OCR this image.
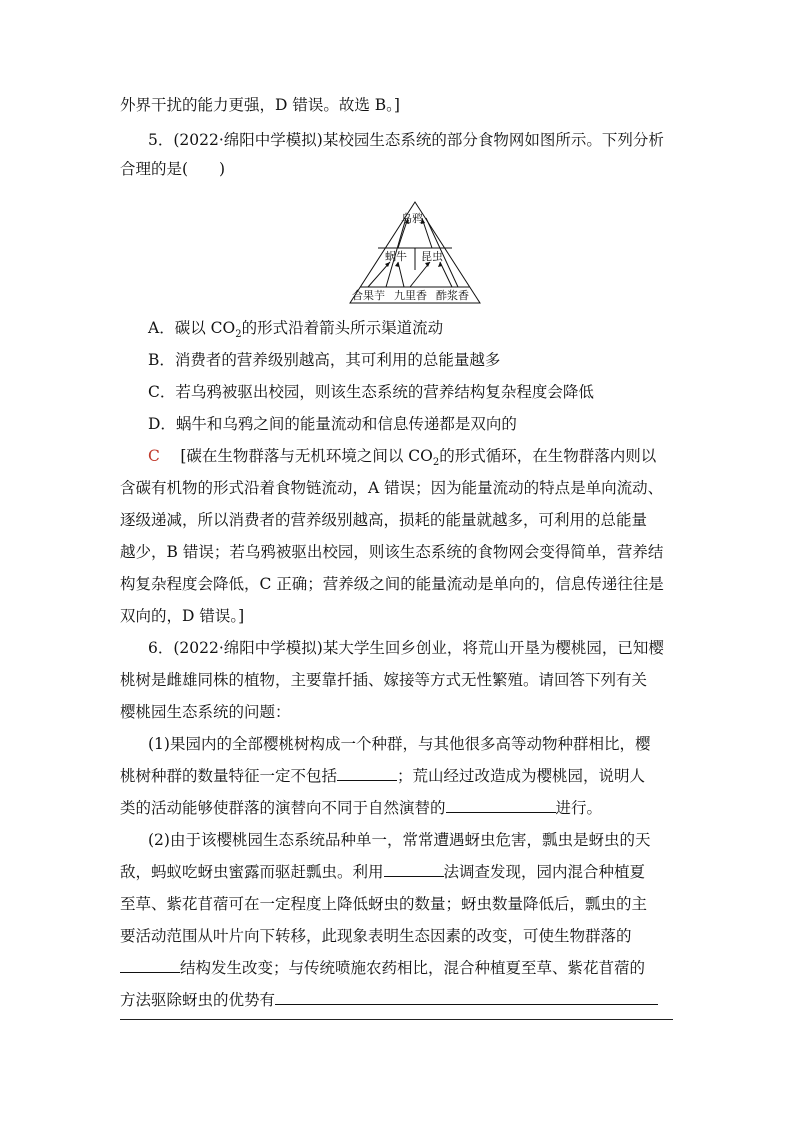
外界干扰的能力更强，D 错误。故选 B。]
5．(2022·绵阳中学模拟)某校园生态系统的部分食物网如图所示。下列分析
合理的是(　　)
乌鸦
蜗牛 昆虫
合果芋 九里香 酢浆香
A．碳以 $CO_2$的形式沿着箭头所示渠道流动
B．消费者的营养级别越高，其可利用的总能量越多
C．若乌鸦被驱出校园，则该生态系统的营养结构复杂程度会降低
D．蜗牛和乌鸦之间的能量流动和信息传递都是双向的
C　 [碳在生物群落与无机环境之间以 $CO_2$的形式循环，在生物群落内则以
含碳有机物的形式沿着食物链流动，A 错误；因为能量流动的特点是单向流动、
逐级递减，所以消费者的营养级别越高，损耗的能量就越多，可利用的总能量
越少，B 错误；若乌鸦被驱出校园，则该生态系统的食物网会变得简单，营养结
构复杂程度会降低，C 正确；营养级之间的能量流动是单向的，信息传递往往是
双向的，D 错误。]
6．(2022·绵阳中学模拟)某大学生回乡创业，将荒山开垦为樱桃园，已知樱
桃树是雌雄同株的植物，主要靠扦插、嫁接等方式无性繁殖。请回答下列有关
樱桃园生态系统的问题：
(1)果园内的全部樱桃树构成一个种群，与其他很多高等动物种群相比，樱
桃树种群的数量特征一定不包括	；荒山经过改造成为樱桃园，说明人
类的活动能够使群落的演替向不同于自然演替的	进行。
(2)由于该樱桃园生态系统品种单一，常常遭遇蚜虫危害，瓢虫是蚜虫的天
敌，蚂蚁吃蚜虫蜜露而驱赶瓢虫。利用	法调查发现，园内混合种植夏
至草、紫花苜蓿可在一定程度上降低蚜虫的数量；蚜虫数量降低后，瓢虫的主
要活动范围从叶片向下转移，此现象表明生态因素的改变，可使生物群落的
结构发生改变；与传统喷施农药相比，混合种植夏至草、紫花苜蓿的
方法驱除蚜虫的优势有
